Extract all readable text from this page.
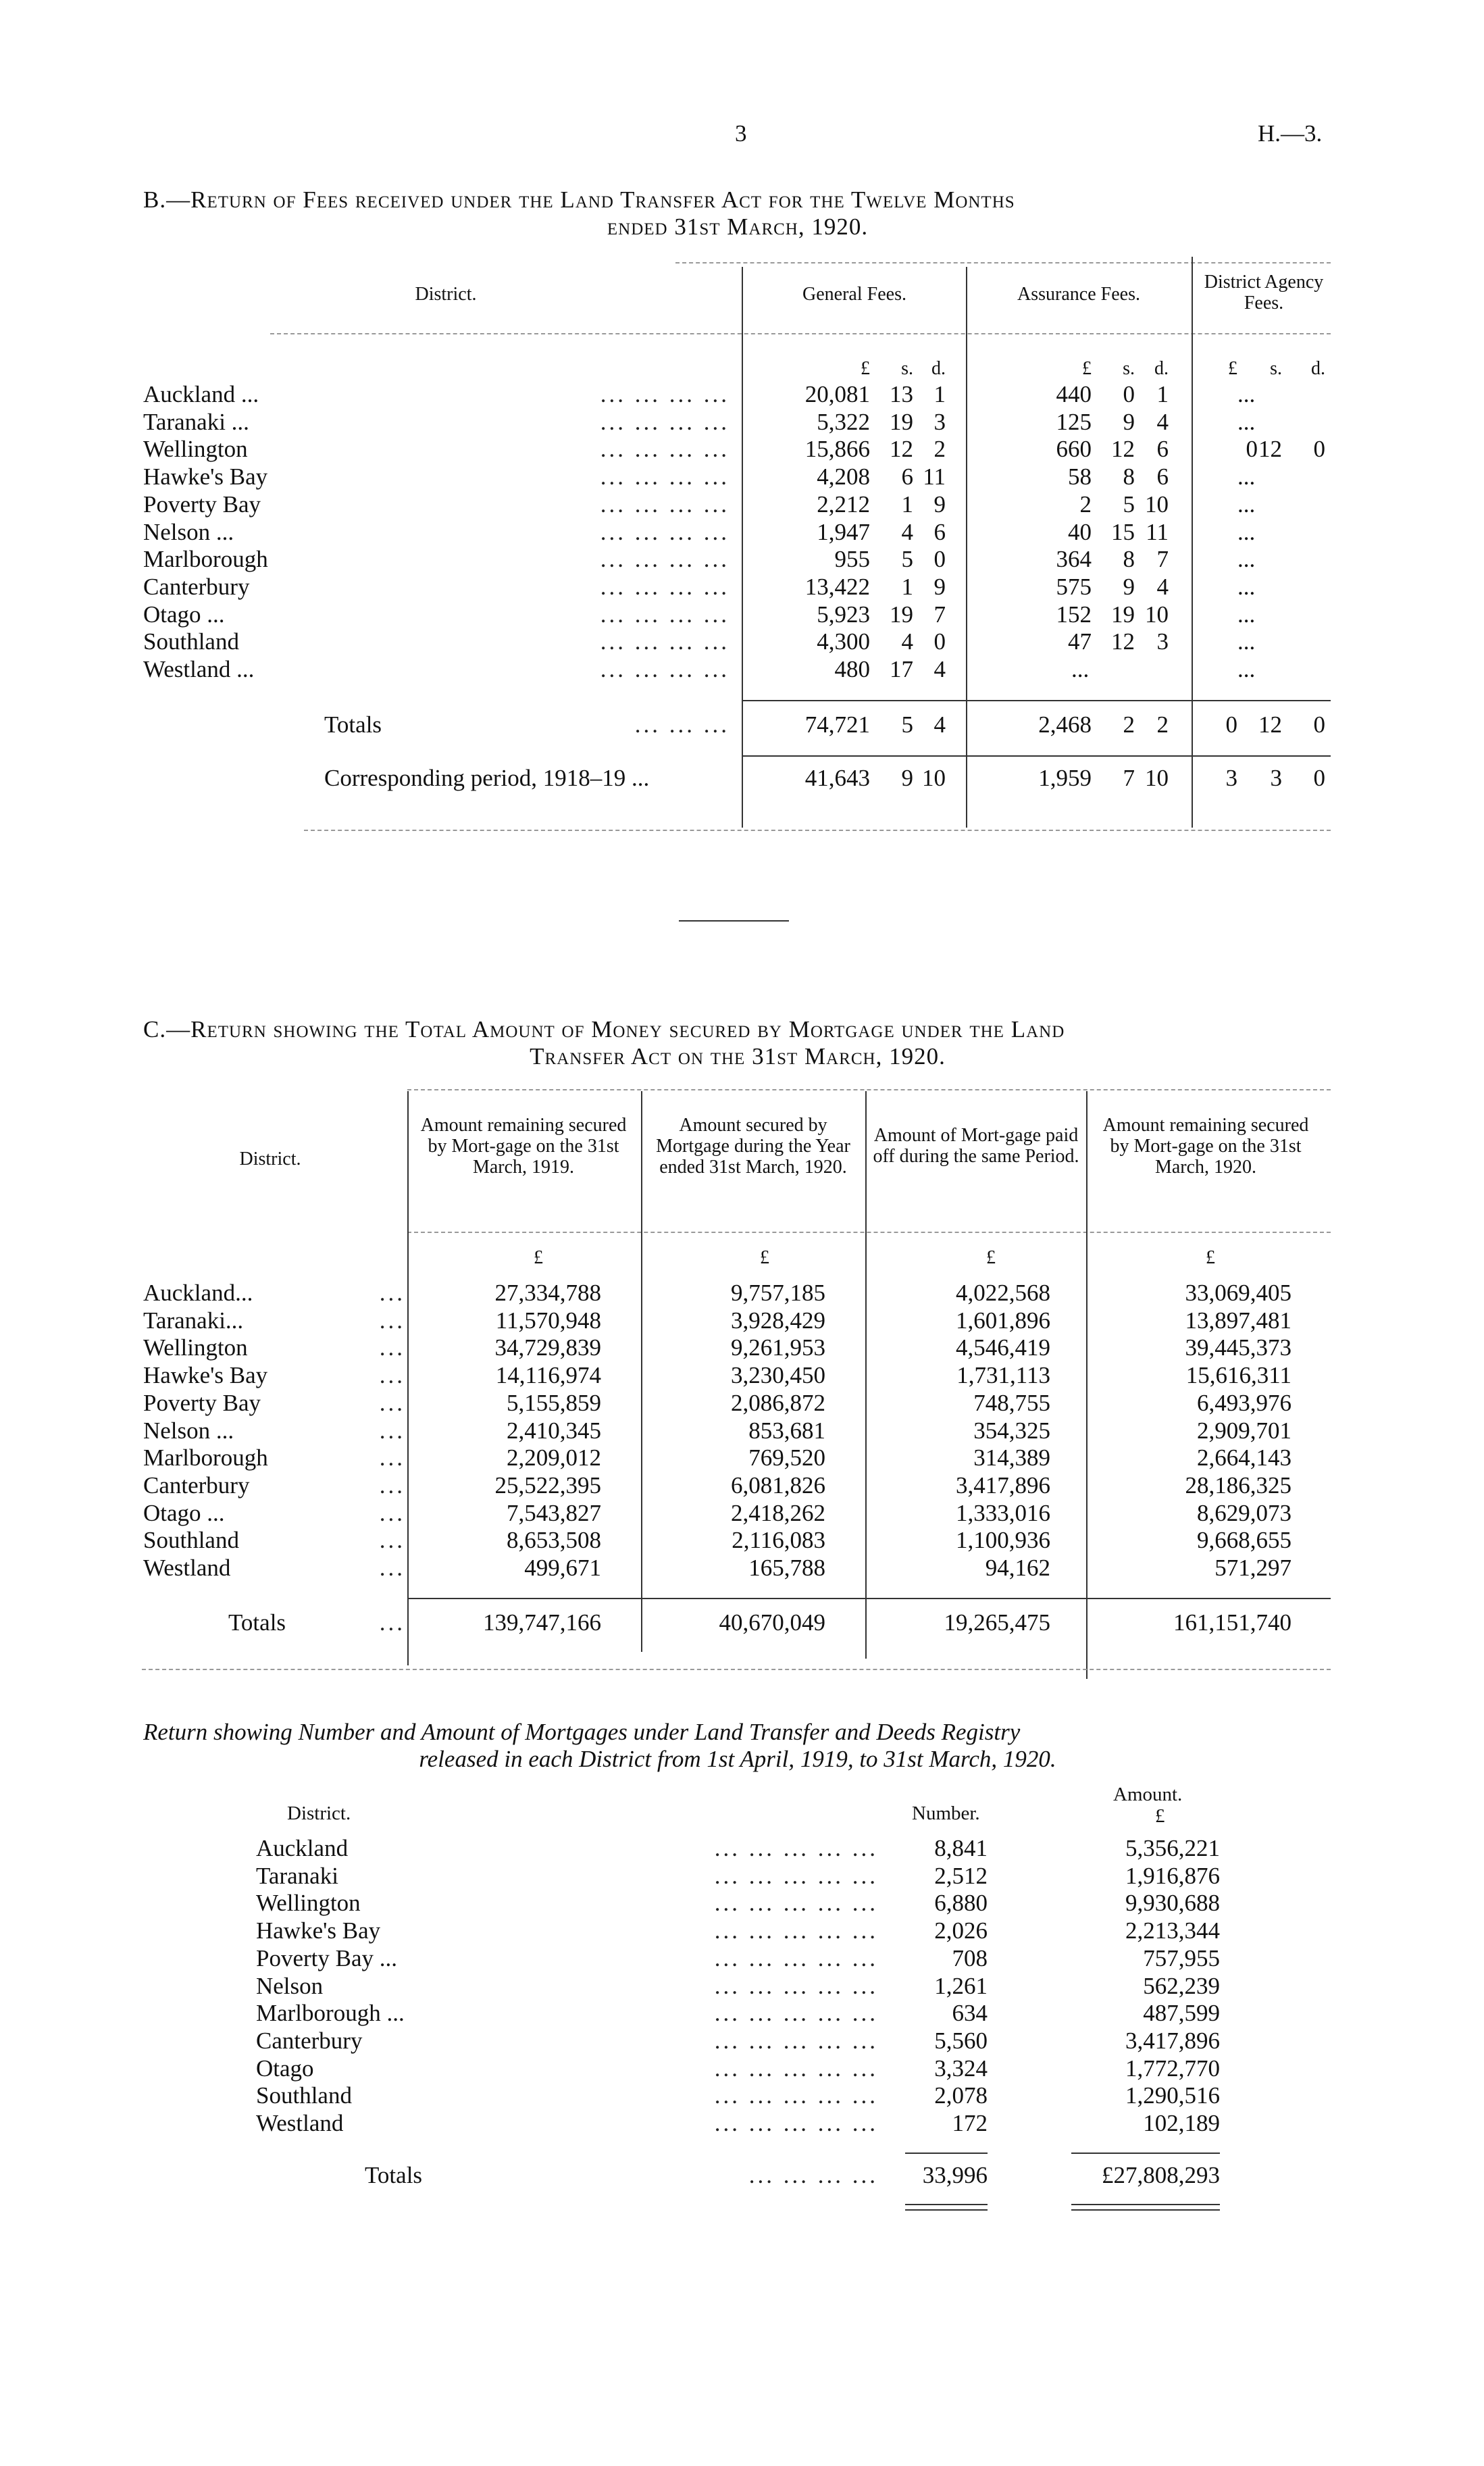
3	H.—3.
B.—Return of Fees received under the Land Transfer Act for the Twelve Months
ended 31st March, 1920.
District.	General Fees.	Assurance Fees.
District Agency Fees.
£	s. d.	£	s.	d.	£	s.	d.
Auckland ...	... ... ... ...	20,081 13 1	440	0 1	...
Taranaki ...	... ... ... ...	5,322 19 3	125	9 4	...
Wellington	... ... ... ...	15,866 12 2	660 12 6	0 12	0
Hawke's Bay	... ... ... ...	4,208	6 11	58	8 6	...
Poverty Bay	... ... ... ...	2,212	1 9	2	5 10	...
Nelson ...	... ... ... ...	1,947	4 6	40 15 11	...
Marlborough	... ... ... ...	955	5 0	364	8 7	...
Canterbury	... ... ... ...	13,422	1 9	575	9 4	...
Otago ...	... ... ... ...	5,923 19 7	152 19 10	...
Southland	... ... ... ...	4,300	4 0	47 12 3	...
Westland ...	... ... ... ...	480 17 4	...	...
Totals	... ... ...	74,721	5 4	2,468	2 2	0 12	0
Corresponding period, 1918–19 ...	41,643	9 10	1,959	7 10	3	3	0
C.—Return showing the Total Amount of Money secured by Mortgage under the Land
Transfer Act on the 31st March, 1920.
District.
Amount remaining secured by Mort-gage on the 31st March, 1919.
Amount secured by Mortgage during the Year ended 31st March, 1920.
Amount of Mort-gage paid off during the same Period.
Amount remaining secured by Mort-gage on the 31st March, 1920.
£	£	£	£
Auckland...	...	27,334,788	9,757,185	4,022,568	33,069,405
Taranaki...	...	11,570,948	3,928,429	1,601,896	13,897,481
Wellington	...	34,729,839	9,261,953	4,546,419	39,445,373
Hawke's Bay	...	14,116,974	3,230,450	1,731,113	15,616,311
Poverty Bay	...	5,155,859	2,086,872	748,755	6,493,976
Nelson ...	...	2,410,345	853,681	354,325	2,909,701
Marlborough	...	2,209,012	769,520	314,389	2,664,143
Canterbury	...	25,522,395	6,081,826	3,417,896	28,186,325
Otago ...	...	7,543,827	2,418,262	1,333,016	8,629,073
Southland	...	8,653,508	2,116,083	1,100,936	9,668,655
Westland	...	499,671	165,788	94,162	571,297
Totals	...	139,747,166	40,670,049	19,265,475	161,151,740
Return showing Number and Amount of Mortgages under Land Transfer and Deeds Registry
released in each District from 1st April, 1919, to 31st March, 1920.
District.	Number.
Amount.
£
Auckland	... ... ... ... ...	8,841	5,356,221
Taranaki	... ... ... ... ...	2,512	1,916,876
Wellington	... ... ... ... ...	6,880	9,930,688
Hawke's Bay	... ... ... ... ...	2,026	2,213,344
Poverty Bay ...	... ... ... ... ...	708	757,955
Nelson	... ... ... ... ...	1,261	562,239
Marlborough ...	... ... ... ... ...	634	487,599
Canterbury	... ... ... ... ...	5,560	3,417,896
Otago	... ... ... ... ...	3,324	1,772,770
Southland	... ... ... ... ...	2,078	1,290,516
Westland	... ... ... ... ...	172	102,189
Totals	... ... ... ...	33,996	£27,808,293
